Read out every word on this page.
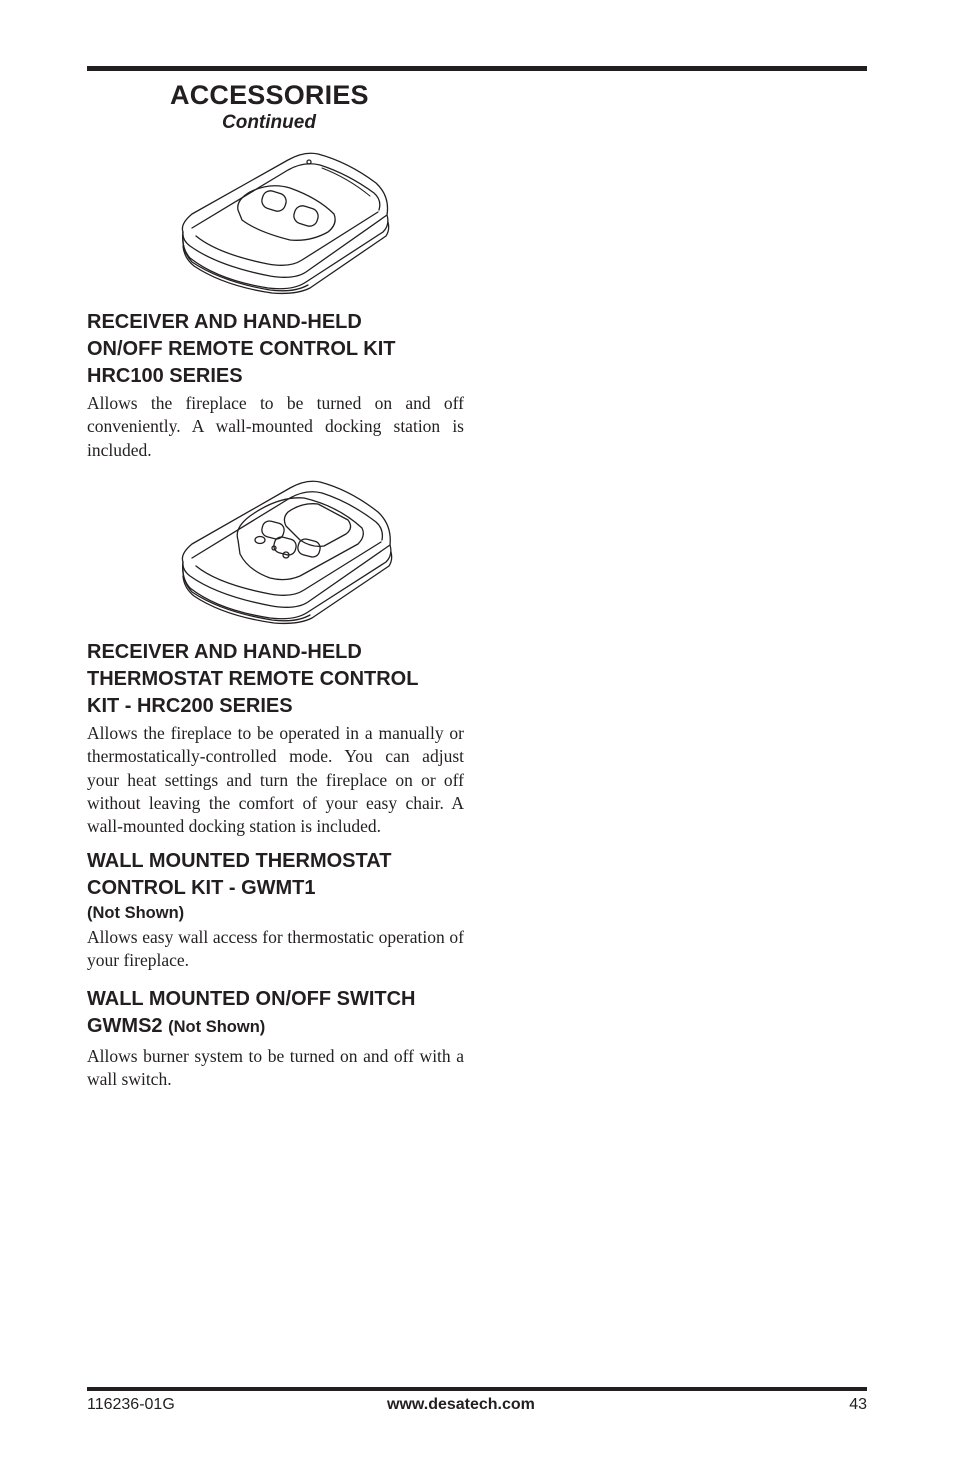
ACCESSORIES
Continued
RECEIVER AND HAND-HELD
ON/OFF REMOTE CONTROL KIT
HRC100 SERIES

Allows the fireplace to be turned on and off conveniently. A wall-mounted docking station is included.

RECEIVER AND HAND-HELD
THERMOSTAT REMOTE CONTROL
KIT - HRC200 SERIES

Allows the fireplace to be operated in a manually or thermostatically-controlled mode. You can adjust your heat settings and turn the fireplace on or off without leaving the comfort of your easy chair. A wall-mounted docking station is included.

WALL MOUNTED THERMOSTAT
CONTROL KIT - GWMT1
(Not Shown)

Allows easy wall access for thermostatic operation of your fireplace.

WALL MOUNTED ON/OFF SWITCH
GWMS2 (Not Shown)

Allows burner system to be turned on and off with a wall switch.

116236-01G	www.desatech.com	43
